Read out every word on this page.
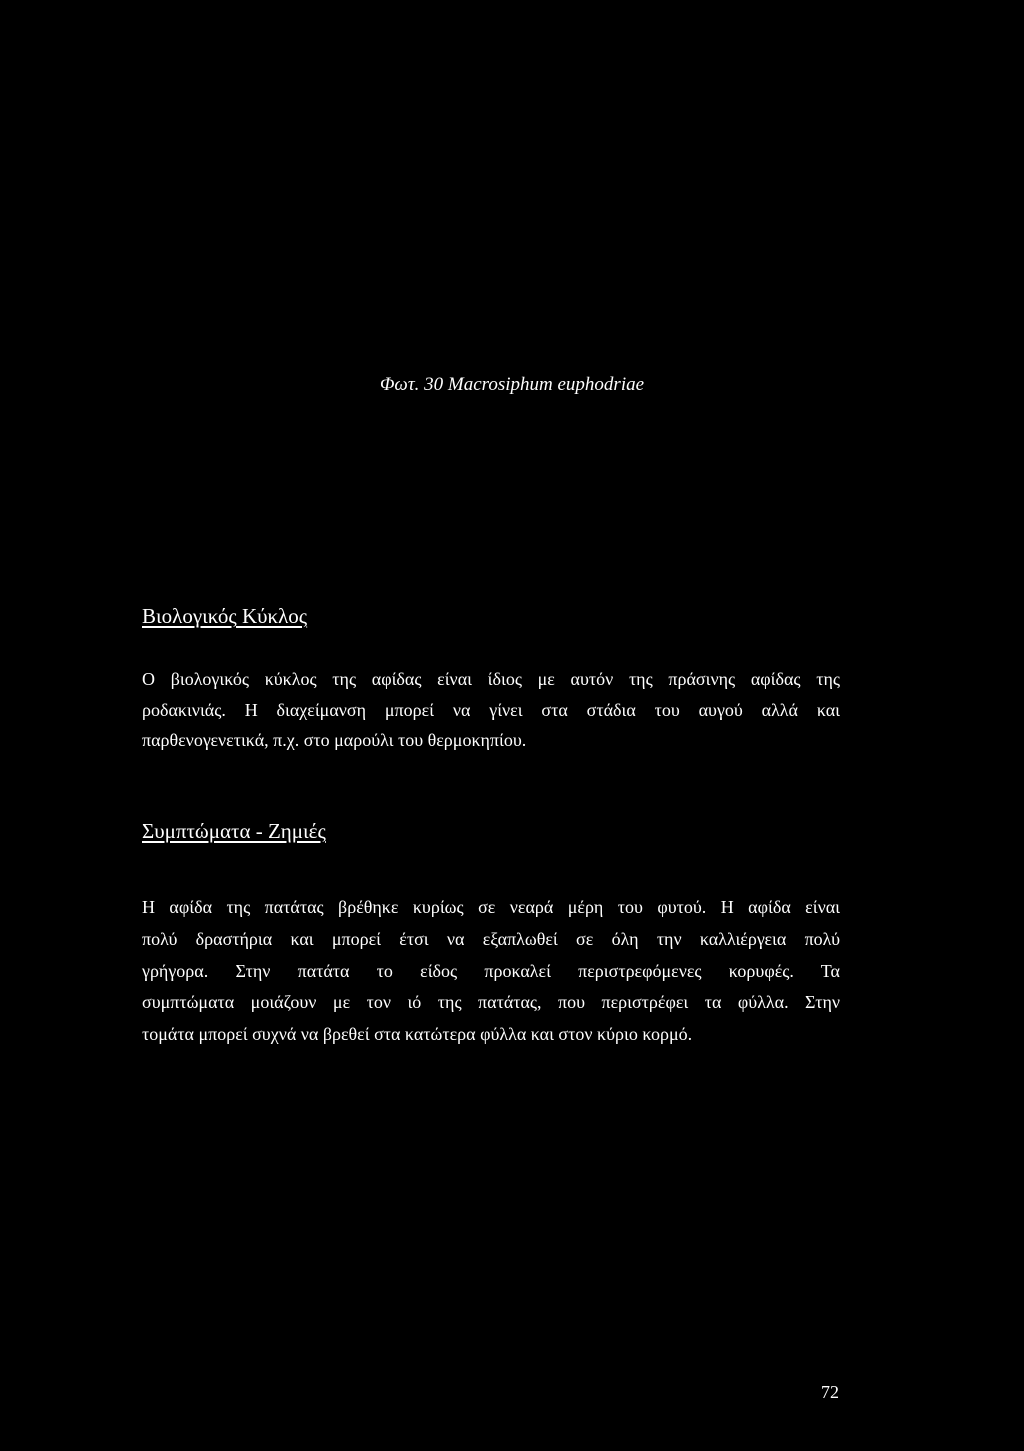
Φωτ. 30 Macrosiphum euphodriae
Βιολογικός Κύκλος

Ο βιολογικός κύκλος της αφίδας είναι ίδιος με αυτόν της πράσινης αφίδας της
ροδακινιάς. Η διαχείμανση μπορεί να γίνει στα στάδια του αυγού αλλά και
παρθενογενετικά, π.χ. στο μαρούλι του θερμοκηπίου.

Συμπτώματα - Ζημιές

Η αφίδα της πατάτας βρέθηκε κυρίως σε νεαρά μέρη του φυτού. Η αφίδα είναι
πολύ δραστήρια και μπορεί έτσι να εξαπλωθεί σε όλη την καλλιέργεια πολύ
γρήγορα. Στην πατάτα το είδος προκαλεί περιστρεφόμενες κορυφές. Τα
συμπτώματα μοιάζουν με τον ιό της πατάτας, που περιστρέφει τα φύλλα. Στην
τομάτα μπορεί συχνά να βρεθεί στα κατώτερα φύλλα και στον κύριο κορμό.

72
